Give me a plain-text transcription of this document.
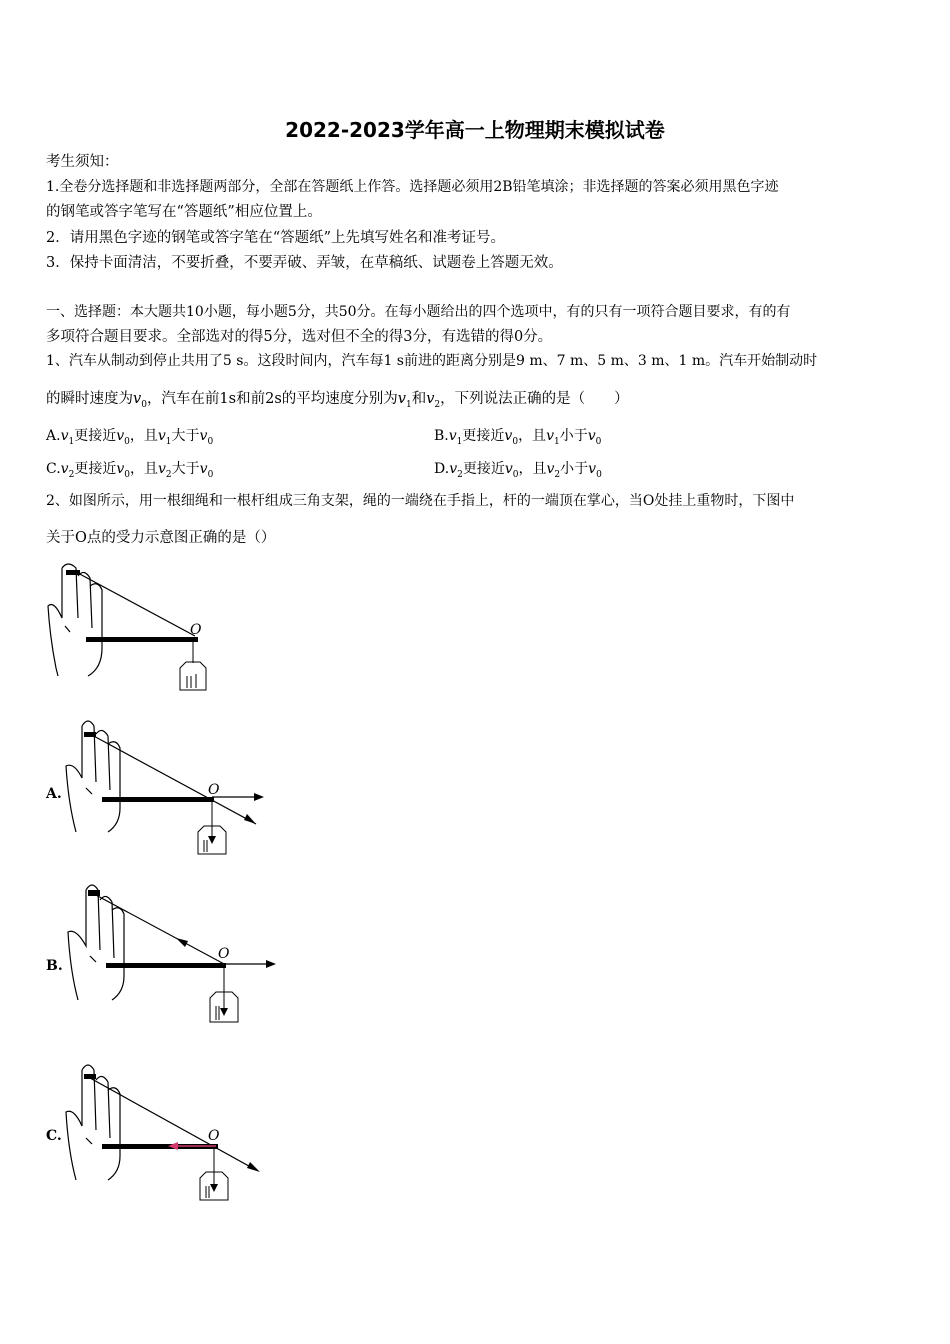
2022-2023学年高一上物理期末模拟试卷
考生须知：
1.全卷分选择题和非选择题两部分，全部在答题纸上作答。选择题必须用2B铅笔填涂；非选择题的答案必须用黑色字迹
的钢笔或答字笔写在“答题纸”相应位置上。
2．请用黑色字迹的钢笔或答字笔在“答题纸”上先填写姓名和准考证号。
3．保持卡面清洁，不要折叠，不要弄破、弄皱，在草稿纸、试题卷上答题无效。
一、选择题：本大题共10小题，每小题5分，共50分。在每小题给出的四个选项中，有的只有一项符合题目要求，有的有
多项符合题目要求。全部选对的得5分，选对但不全的得3分，有选错的得0分。
1、汽车从制动到停止共用了5 s。这段时间内，汽车每1 s前进的距离分别是9 m、7 m、5 m、3 m、1 m。汽车开始制动时
的瞬时速度为$v_0$，汽车在前1s和前2s的平均速度分别为$v_1$和$v_2$，下列说法正确的是（　　）
$A.v_1$更接近$v_0$，且$v_1$大于$v_0$	$B.v_1$更接近$v_0$，且$v_1$小于$v_0$
$C.v_2$更接近$v_0$，且$v_2$大于$v_0$	$D.v_2$更接近$v_0$，且$v_2$小于$v_0$
2、如图所示，用一根细绳和一根杆组成三角支架，绳的一端绕在手指上，杆的一端顶在掌心，当O处挂上重物时，下图中
关于O点的受力示意图正确的是（）
O
A.	O
B.
O
C.	O
